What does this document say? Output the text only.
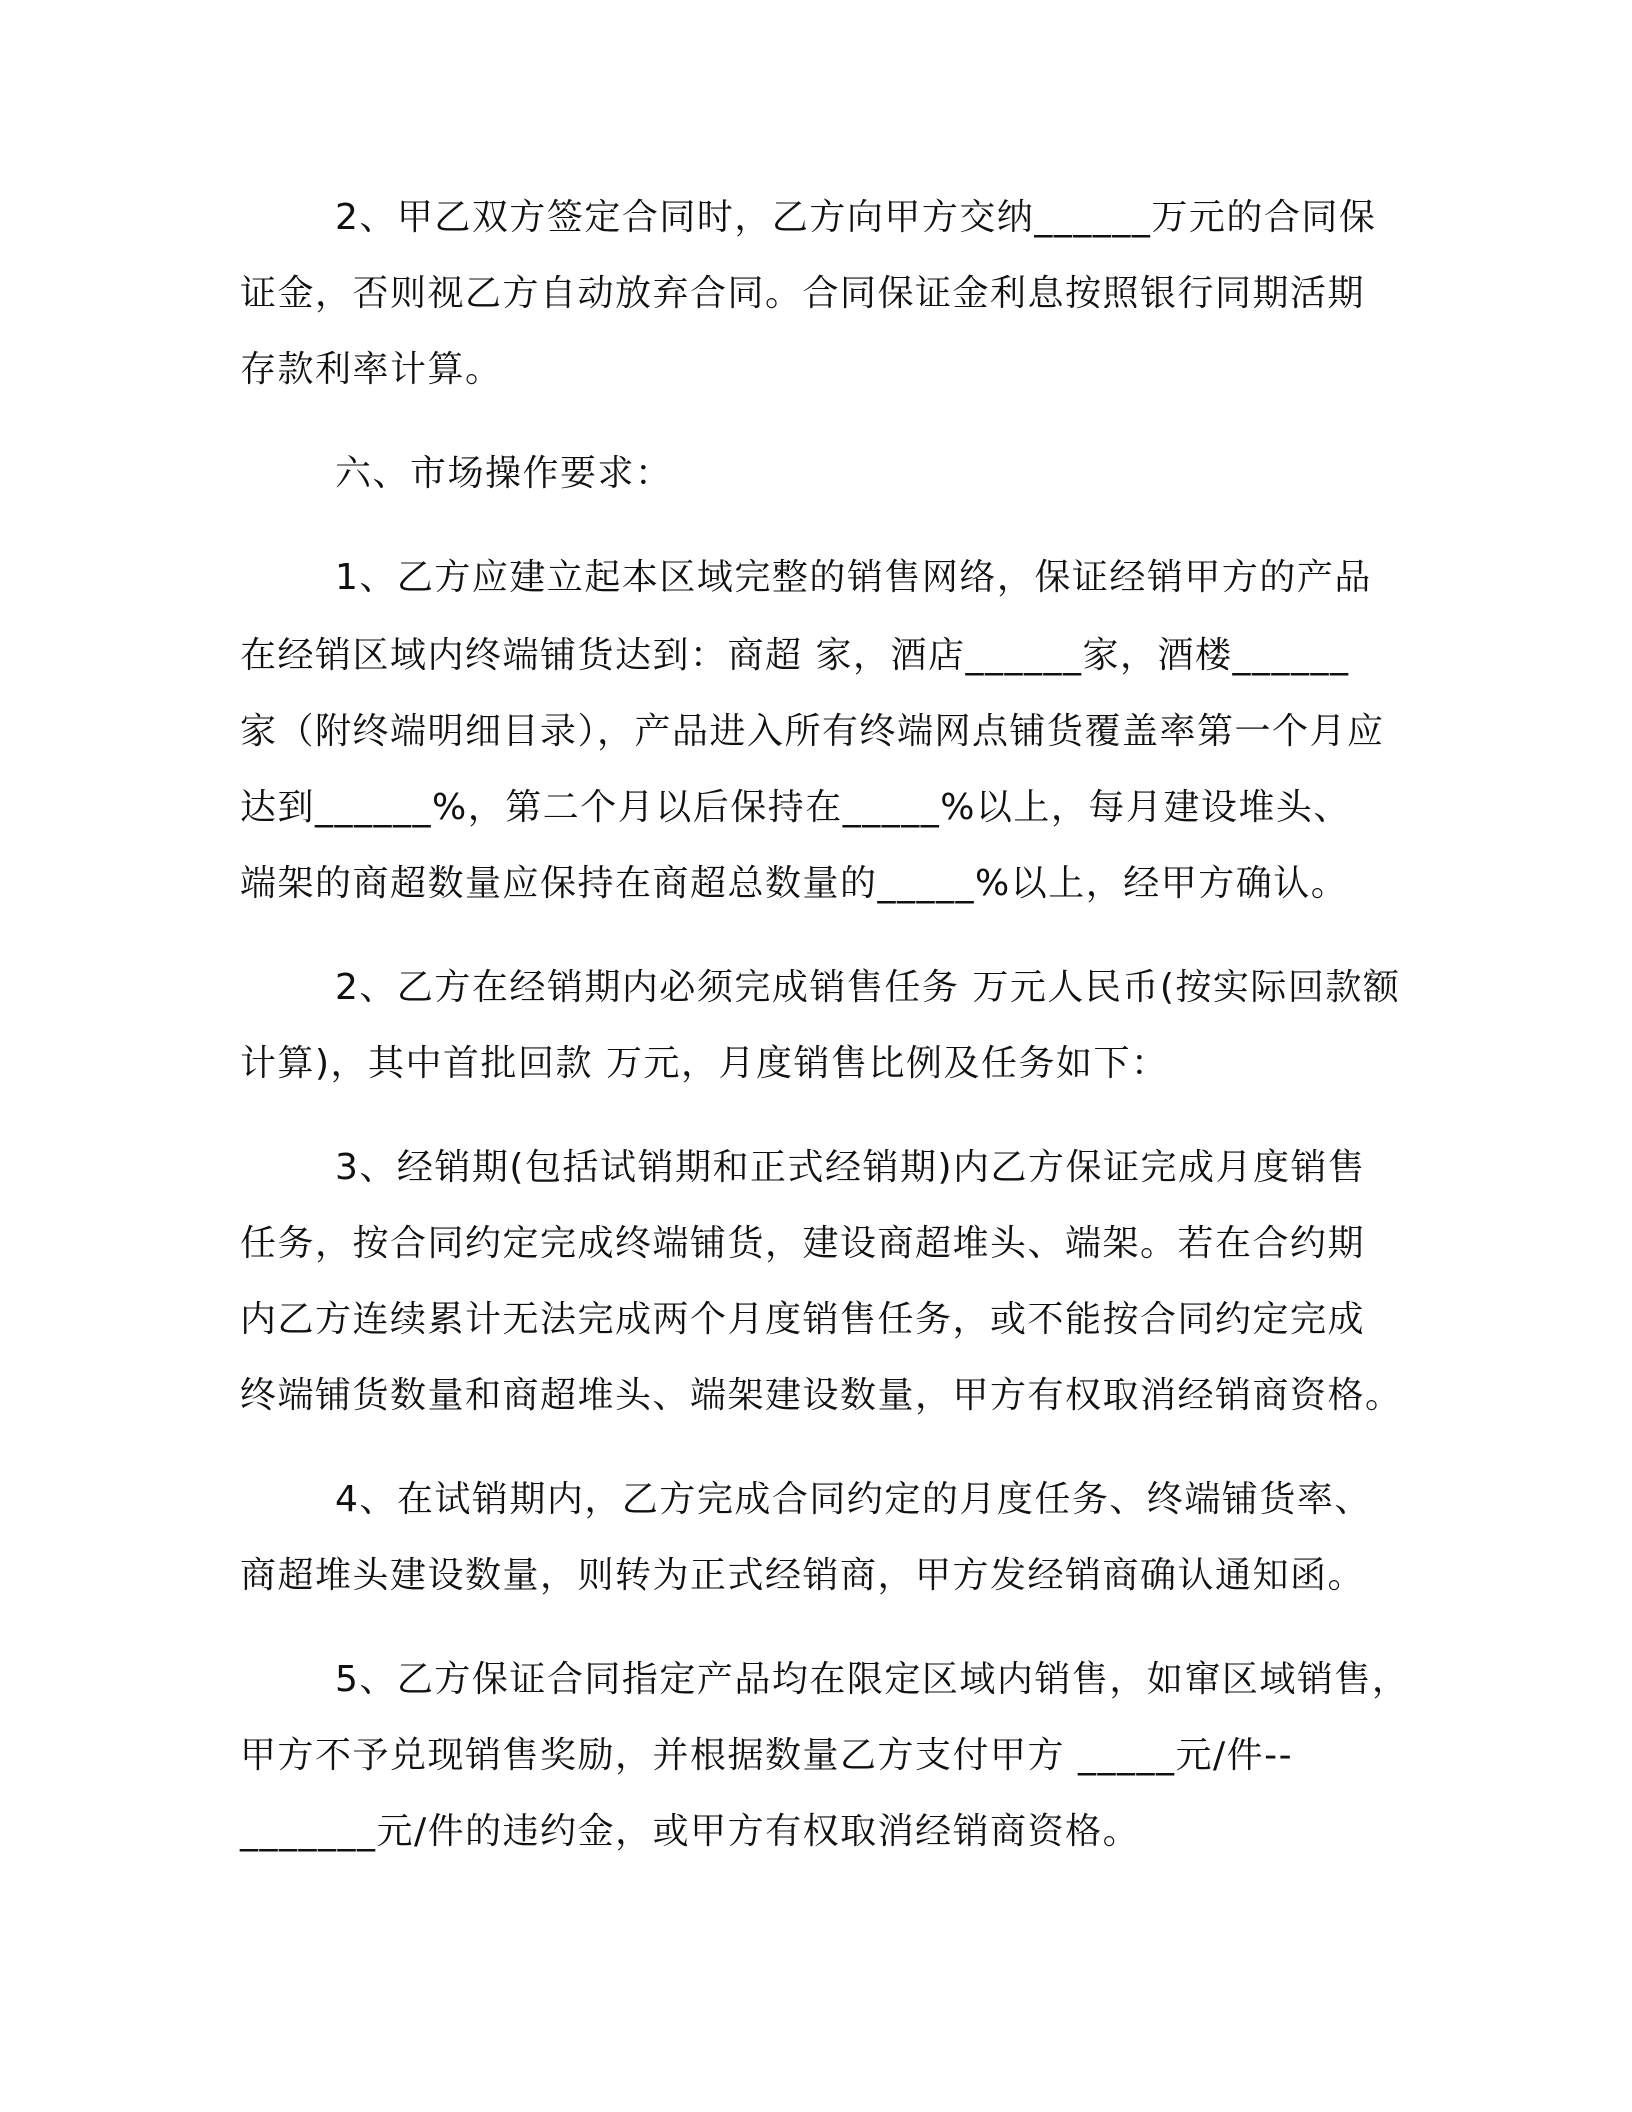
2、甲乙双方签定合同时，乙方向甲方交纳______万元的合同保

证金，否则视乙方自动放弃合同。合同保证金利息按照银行同期活期

存款利率计算。

六、市场操作要求：

1、乙方应建立起本区域完整的销售网络，保证经销甲方的产品

在经销区域内终端铺货达到：商超 家，酒店______家，酒楼______

家（附终端明细目录），产品进入所有终端网点铺货覆盖率第一个月应

达到______%，第二个月以后保持在_____%以上，每月建设堆头、

端架的商超数量应保持在商超总数量的_____%以上，经甲方确认。

2、乙方在经销期内必须完成销售任务 万元人民币(按实际回款额

计算)，其中首批回款 万元，月度销售比例及任务如下：

3、经销期(包括试销期和正式经销期)内乙方保证完成月度销售

任务，按合同约定完成终端铺货，建设商超堆头、端架。若在合约期

内乙方连续累计无法完成两个月度销售任务，或不能按合同约定完成

终端铺货数量和商超堆头、端架建设数量，甲方有权取消经销商资格。

4、在试销期内，乙方完成合同约定的月度任务、终端铺货率、

商超堆头建设数量，则转为正式经销商，甲方发经销商确认通知函。

5、乙方保证合同指定产品均在限定区域内销售，如窜区域销售，

甲方不予兑现销售奖励，并根据数量乙方支付甲方 _____元/件--

_______元/件的违约金，或甲方有权取消经销商资格。
